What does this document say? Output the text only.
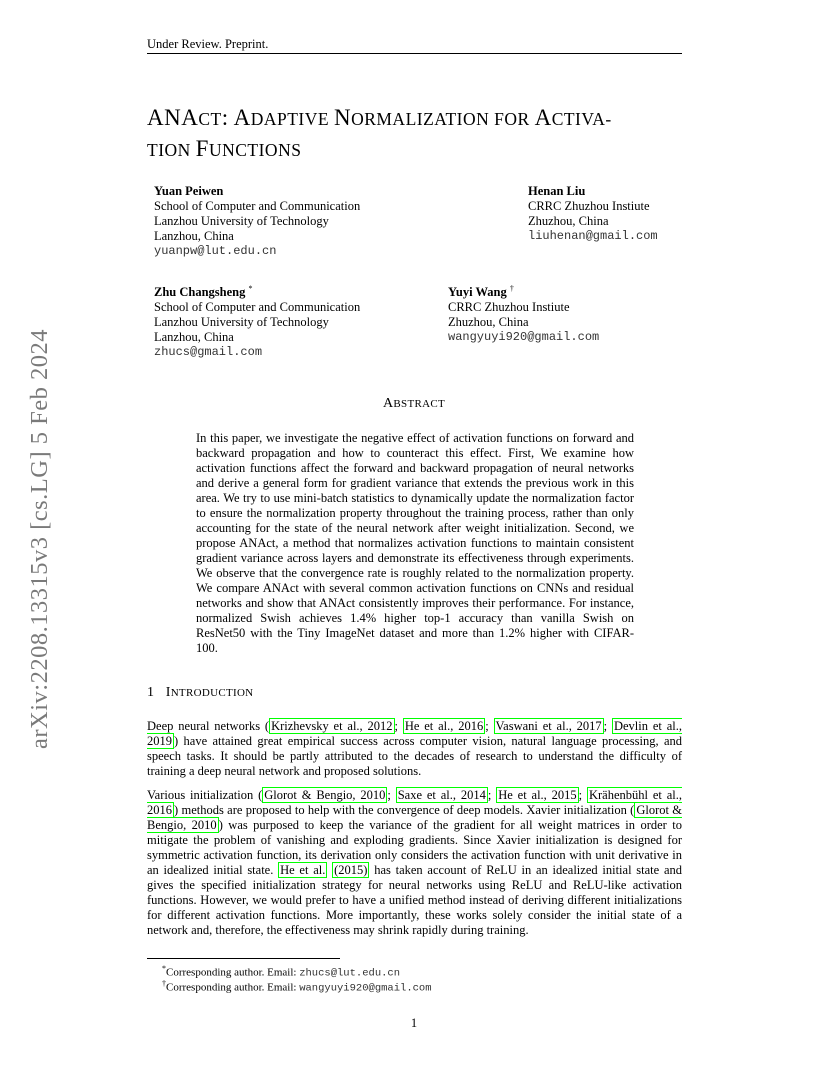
Under Review. Preprint.
arXiv:2208.13315v3 [cs.LG] 5 Feb 2024
ANACT: ADAPTIVE NORMALIZATION FOR ACTIVA-
TION FUNCTIONS
Yuan Peiwen
School of Computer and Communication
Lanzhou University of Technology
Lanzhou, China
yuanpw@lut.edu.cn
Henan Liu
CRRC Zhuzhou Instiute
Zhuzhou, China
liuhenan@gmail.com
Zhu Changsheng *
School of Computer and Communication
Lanzhou University of Technology
Lanzhou, China
zhucs@gmail.com
Yuyi Wang †
CRRC Zhuzhou Instiute
Zhuzhou, China
wangyuyi920@gmail.com
ABSTRACT
In this paper, we investigate the negative effect of activation functions on forward and backward propagation and how to counteract this effect. First, We examine how activation functions affect the forward and backward propagation of neural networks and derive a general form for gradient variance that extends the previous work in this area. We try to use mini-batch statistics to dynamically update the normalization factor to ensure the normalization property throughout the training process, rather than only accounting for the state of the neural network after weight initialization. Second, we propose ANAct, a method that normalizes activation functions to maintain consistent gradient variance across layers and demonstrate its effectiveness through experiments. We observe that the convergence rate is roughly related to the normalization property. We compare ANAct with several common activation functions on CNNs and residual networks and show that ANAct consistently improves their performance. For instance, normalized Swish achieves 1.4% higher top-1 accuracy than vanilla Swish on ResNet50 with the Tiny ImageNet dataset and more than 1.2% higher with CIFAR-100.
1 INTRODUCTION
Deep neural networks ( Krizhevsky et al., 2012 ; He et al., 2016 ; Vaswani et al., 2017 ; Devlin et al., 2019 ) have attained great empirical success across computer vision, natural language processing, and speech tasks. It should be partly attributed to the decades of research to understand the difficulty of training a deep neural network and proposed solutions.
Various initialization ( Glorot & Bengio, 2010 ; Saxe et al., 2014 ; He et al., 2015 ; Krähenbühl et al., 2016 ) methods are proposed to help with the convergence of deep models. Xavier initialization ( Glorot & Bengio, 2010 ) was purposed to keep the variance of the gradient for all weight matrices in order to mitigate the problem of vanishing and exploding gradients. Since Xavier initialization is designed for symmetric activation function, its derivation only considers the activation function with unit derivative in an idealized initial state. He et al. (2015) has taken account of ReLU in an idealized initial state and gives the specified initialization strategy for neural networks using ReLU and ReLU-like activation functions. However, we would prefer to have a unified method instead of deriving different initializations for different activation functions. More importantly, these works solely consider the initial state of a network and, therefore, the effectiveness may shrink rapidly during training.
*Corresponding author. Email: zhucs@lut.edu.cn
†Corresponding author. Email: wangyuyi920@gmail.com
1
